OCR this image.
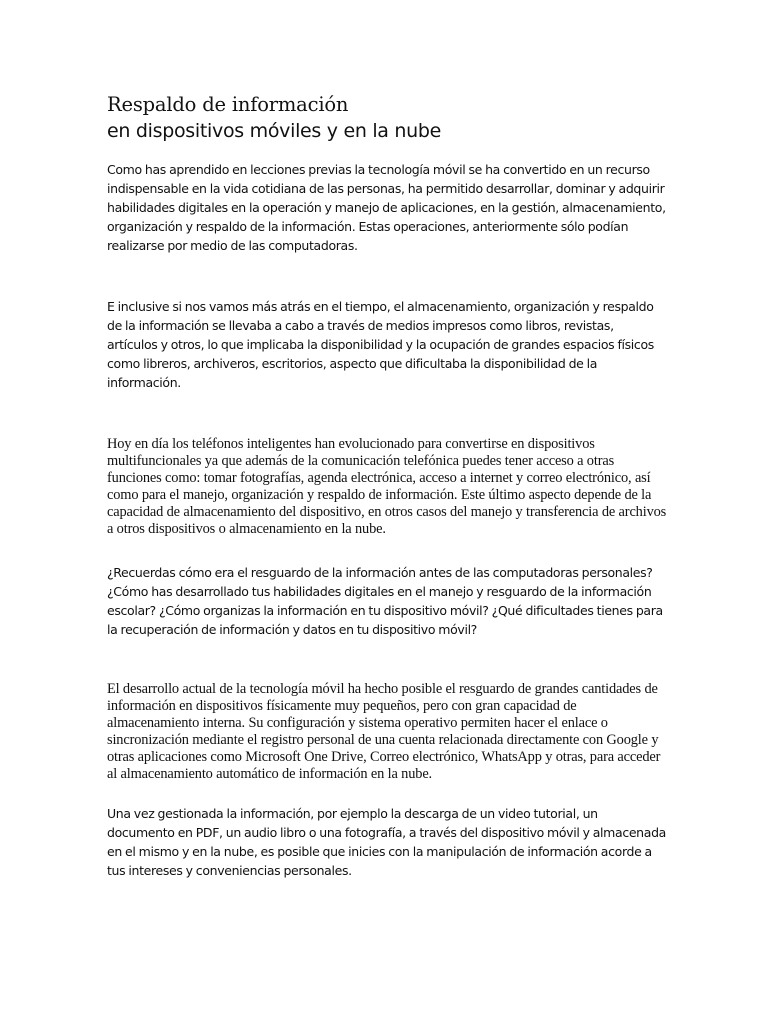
Respaldo de información
en dispositivos móviles y en la nube

Como has aprendido en lecciones previas la tecnología móvil se ha convertido en un recurso indispensable en la vida cotidiana de las personas, ha permitido desarrollar, dominar y adquirir habilidades digitales en la operación y manejo de aplicaciones, en la gestión, almacenamiento, organización y respaldo de la información. Estas operaciones, anteriormente sólo podían realizarse por medio de las computadoras.

E inclusive si nos vamos más atrás en el tiempo, el almacenamiento, organización y respaldo de la información se llevaba a cabo a través de medios impresos como libros, revistas, artículos y otros, lo que implicaba la disponibilidad y la ocupación de grandes espacios físicos como libreros, archiveros, escritorios, aspecto que dificultaba la disponibilidad de la información.

Hoy en día los teléfonos inteligentes han evolucionado para convertirse en dispositivos multifuncionales ya que además de la comunicación telefónica puedes tener acceso a otras funciones como: tomar fotografías, agenda electrónica, acceso a internet y correo electrónico, así como para el manejo, organización y respaldo de información. Este último aspecto depende de la capacidad de almacenamiento del dispositivo, en otros casos del manejo y transferencia de archivos a otros dispositivos o almacenamiento en la nube.

¿Recuerdas cómo era el resguardo de la información antes de las computadoras personales? ¿Cómo has desarrollado tus habilidades digitales en el manejo y resguardo de la información escolar? ¿Cómo organizas la información en tu dispositivo móvil? ¿Qué dificultades tienes para la recuperación de información y datos en tu dispositivo móvil?

El desarrollo actual de la tecnología móvil ha hecho posible el resguardo de grandes cantidades de información en dispositivos físicamente muy pequeños, pero con gran capacidad de almacenamiento interna. Su configuración y sistema operativo permiten hacer el enlace o sincronización mediante el registro personal de una cuenta relacionada directamente con Google y otras aplicaciones como Microsoft One Drive, Correo electrónico, WhatsApp y otras, para acceder al almacenamiento automático de información en la nube.

Una vez gestionada la información, por ejemplo la descarga de un video tutorial, un documento en PDF, un audio libro o una fotografía, a través del dispositivo móvil y almacenada en el mismo y en la nube, es posible que inicies con la manipulación de información acorde a tus intereses y conveniencias personales.
